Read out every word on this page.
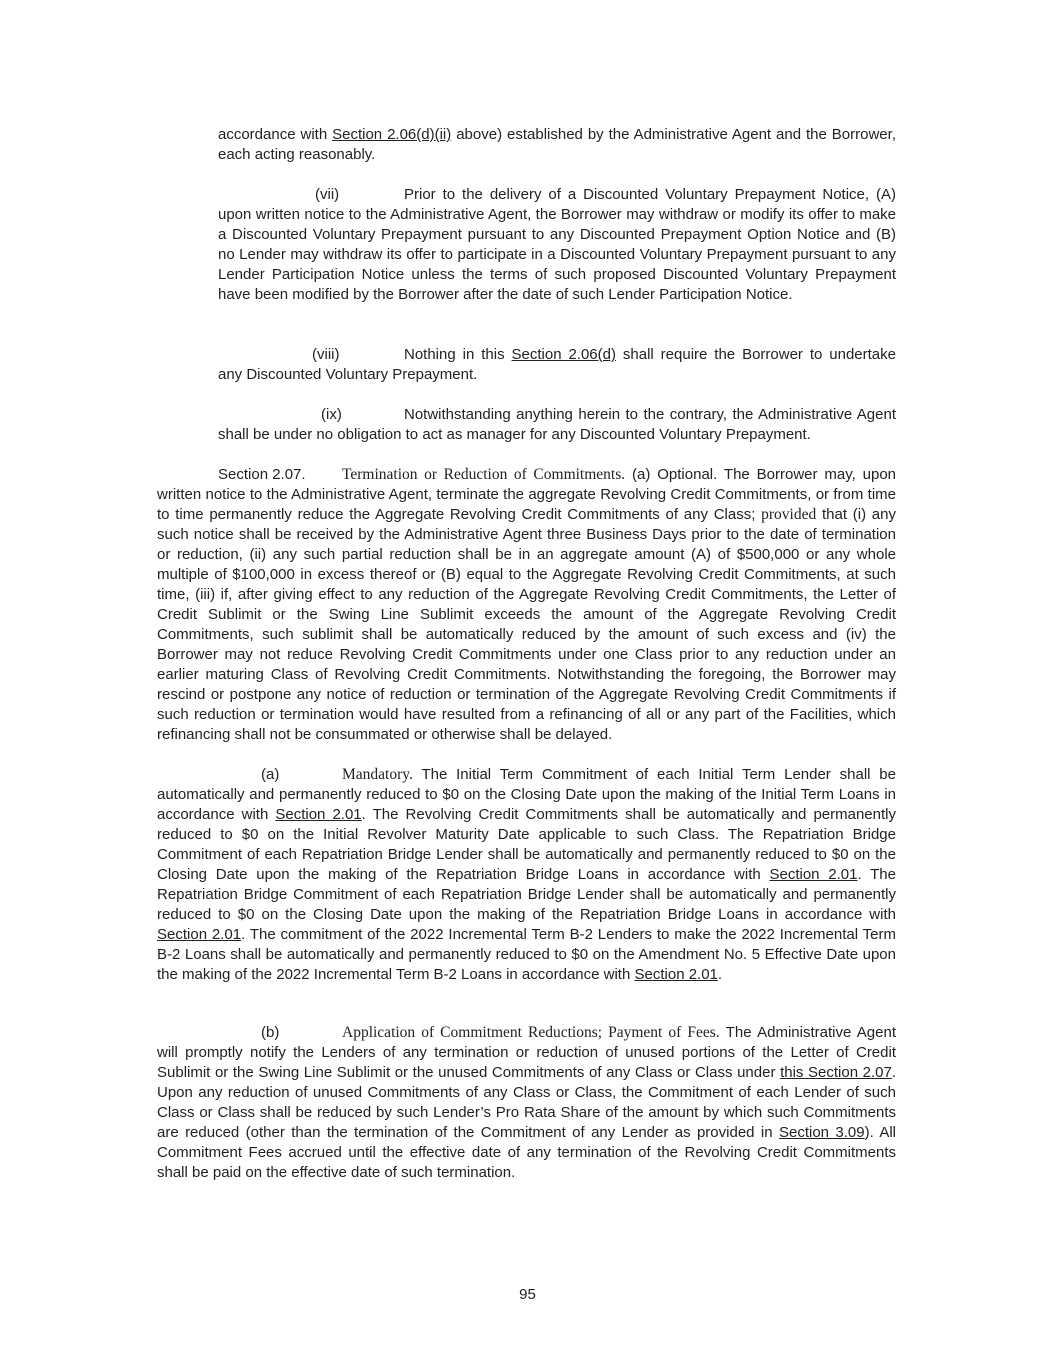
accordance with Section 2.06(d)(ii) above) established by the Administrative Agent and the Borrower, each acting reasonably.

(vii)	Prior to the delivery of a Discounted Voluntary Prepayment Notice, (A) upon written notice to the Administrative Agent, the Borrower may withdraw or modify its offer to make a Discounted Voluntary Prepayment pursuant to any Discounted Prepayment Option Notice and (B) no Lender may withdraw its offer to participate in a Discounted Voluntary Prepayment pursuant to any Lender Participation Notice unless the terms of such proposed Discounted Voluntary Prepayment have been modified by the Borrower after the date of such Lender Participation Notice.

(viii)	Nothing in this Section 2.06(d) shall require the Borrower to undertake any Discounted Voluntary Prepayment.

(ix)	Notwithstanding anything herein to the contrary, the Administrative Agent shall be under no obligation to act as manager for any Discounted Voluntary Prepayment.

Section 2.07. Termination or Reduction of Commitments. (a) Optional. The Borrower may, upon written notice to the Administrative Agent, terminate the aggregate Revolving Credit Commitments, or from time to time permanently reduce the Aggregate Revolving Credit Commitments of any Class; provided that (i) any such notice shall be received by the Administrative Agent three Business Days prior to the date of termination or reduction, (ii) any such partial reduction shall be in an aggregate amount (A) of $500,000 or any whole multiple of $100,000 in excess thereof or (B) equal to the Aggregate Revolving Credit Commitments, at such time, (iii) if, after giving effect to any reduction of the Aggregate Revolving Credit Commitments, the Letter of Credit Sublimit or the Swing Line Sublimit exceeds the amount of the Aggregate Revolving Credit Commitments, such sublimit shall be automatically reduced by the amount of such excess and (iv) the Borrower may not reduce Revolving Credit Commitments under one Class prior to any reduction under an earlier maturing Class of Revolving Credit Commitments. Notwithstanding the foregoing, the Borrower may rescind or postpone any notice of reduction or termination of the Aggregate Revolving Credit Commitments if such reduction or termination would have resulted from a refinancing of all or any part of the Facilities, which refinancing shall not be consummated or otherwise shall be delayed.

(a)	Mandatory. The Initial Term Commitment of each Initial Term Lender shall be automatically and permanently reduced to $0 on the Closing Date upon the making of the Initial Term Loans in accordance with Section 2.01. The Revolving Credit Commitments shall be automatically and permanently reduced to $0 on the Initial Revolver Maturity Date applicable to such Class. The Repatriation Bridge Commitment of each Repatriation Bridge Lender shall be automatically and permanently reduced to $0 on the Closing Date upon the making of the Repatriation Bridge Loans in accordance with Section 2.01. The Repatriation Bridge Commitment of each Repatriation Bridge Lender shall be automatically and permanently reduced to $0 on the Closing Date upon the making of the Repatriation Bridge Loans in accordance with Section 2.01. The commitment of the 2022 Incremental Term B-2 Lenders to make the 2022 Incremental Term B-2 Loans shall be automatically and permanently reduced to $0 on the Amendment No. 5 Effective Date upon the making of the 2022 Incremental Term B-2 Loans in accordance with Section 2.01.

(b)	Application of Commitment Reductions; Payment of Fees. The Administrative Agent will promptly notify the Lenders of any termination or reduction of unused portions of the Letter of Credit Sublimit or the Swing Line Sublimit or the unused Commitments of any Class or Class under this Section 2.07. Upon any reduction of unused Commitments of any Class or Class, the Commitment of each Lender of such Class or Class shall be reduced by such Lender’s Pro Rata Share of the amount by which such Commitments are reduced (other than the termination of the Commitment of any Lender as provided in Section 3.09). All Commitment Fees accrued until the effective date of any termination of the Revolving Credit Commitments shall be paid on the effective date of such termination.

95
